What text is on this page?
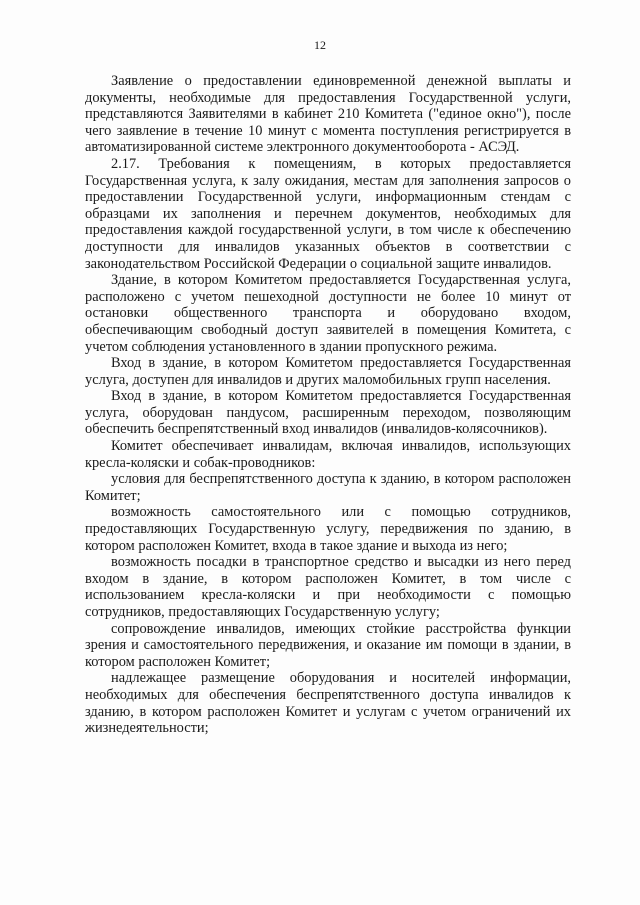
12

Заявление о предоставлении единовременной денежной выплаты и документы, необходимые для предоставления Государственной услуги, представляются Заявителями в кабинет 210 Комитета ("единое окно"), после чего заявление в течение 10 минут с момента поступления регистрируется в автоматизированной системе электронного документооборота - АСЭД.

2.17. Требования к помещениям, в которых предоставляется Государственная услуга, к залу ожидания, местам для заполнения запросов о предоставлении Государственной услуги, информационным стендам с образцами их заполнения и перечнем документов, необходимых для предоставления каждой государственной услуги, в том числе к обеспечению доступности для инвалидов указанных объектов в соответствии с законодательством Российской Федерации о социальной защите инвалидов.

Здание, в котором Комитетом предоставляется Государственная услуга, расположено с учетом пешеходной доступности не более 10 минут от остановки общественного транспорта и оборудовано входом, обеспечивающим свободный доступ заявителей в помещения Комитета, с учетом соблюдения установленного в здании пропускного режима.

Вход в здание, в котором Комитетом предоставляется Государственная услуга, доступен для инвалидов и других маломобильных групп населения.

Вход в здание, в котором Комитетом предоставляется Государственная услуга, оборудован пандусом, расширенным переходом, позволяющим обеспечить беспрепятственный вход инвалидов (инвалидов-колясочников).

Комитет обеспечивает инвалидам, включая инвалидов, использующих кресла-коляски и собак-проводников:

условия для беспрепятственного доступа к зданию, в котором расположен Комитет;

возможность самостоятельного или с помощью сотрудников, предоставляющих Государственную услугу, передвижения по зданию, в котором расположен Комитет, входа в такое здание и выхода из него;

возможность посадки в транспортное средство и высадки из него перед входом в здание, в котором расположен Комитет, в том числе с использованием кресла-коляски и при необходимости с помощью сотрудников, предоставляющих Государственную услугу;

сопровождение инвалидов, имеющих стойкие расстройства функции зрения и самостоятельного передвижения, и оказание им помощи в здании, в котором расположен Комитет;

надлежащее размещение оборудования и носителей информации, необходимых для обеспечения беспрепятственного доступа инвалидов к зданию, в котором расположен Комитет и услугам с учетом ограничений их жизнедеятельности;
